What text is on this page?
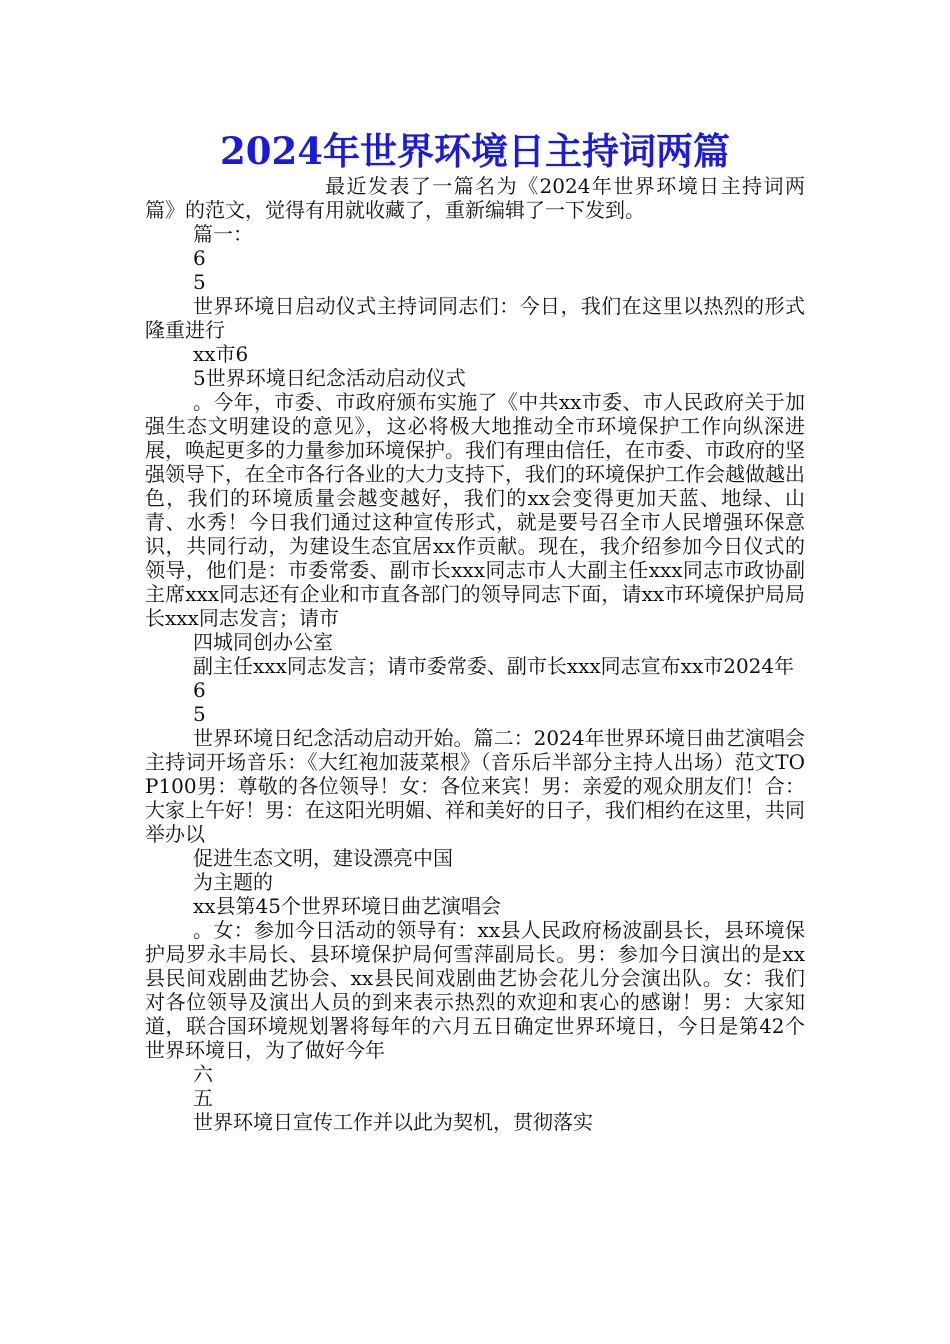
2024年世界环境日主持词两篇

最近发表了一篇名为《2024年世界环境日主持词两篇》的范文，觉得有用就收藏了，重新编辑了一下发到。

篇一：

6

5

世界环境日启动仪式主持词同志们：今日，我们在这里以热烈的形式隆重进行

xx市6

5世界环境日纪念活动启动仪式

。今年，市委、市政府颁布实施了《中共xx市委、市人民政府关于加强生态文明建设的意见》，这必将极大地推动全市环境保护工作向纵深进展，唤起更多的力量参加环境保护。我们有理由信任，在市委、市政府的坚强领导下，在全市各行各业的大力支持下，我们的环境保护工作会越做越出色，我们的环境质量会越变越好，我们的xx会变得更加天蓝、地绿、山青、水秀！今日我们通过这种宣传形式，就是要号召全市人民增强环保意识，共同行动，为建设生态宜居xx作贡献。现在，我介绍参加今日仪式的领导，他们是：市委常委、副市长xxx同志市人大副主任xxx同志市政协副主席xxx同志还有企业和市直各部门的领导同志下面，请xx市环境保护局局长xxx同志发言；请市

四城同创办公室

副主任xxx同志发言；请市委常委、副市长xxx同志宣布xx市2024年

6

5

世界环境日纪念活动启动开始。篇二：2024年世界环境日曲艺演唱会主持词开场音乐：《大红袍加菠菜根》（音乐后半部分主持人出场）范文TOP100男：尊敬的各位领导！女：各位来宾！男：亲爱的观众朋友们！合：大家上午好！男：在这阳光明媚、祥和美好的日子，我们相约在这里，共同举办以

促进生态文明，建设漂亮中国

为主题的

xx县第45个世界环境日曲艺演唱会

。女：参加今日活动的领导有：xx县人民政府杨波副县长，县环境保护局罗永丰局长、县环境保护局何雪萍副局长。男：参加今日演出的是xx县民间戏剧曲艺协会、xx县民间戏剧曲艺协会花儿分会演出队。女：我们对各位领导及演出人员的到来表示热烈的欢迎和衷心的感谢！男：大家知道，联合国环境规划署将每年的六月五日确定世界环境日，今日是第42个世界环境日，为了做好今年

六

五

世界环境日宣传工作并以此为契机，贯彻落实
